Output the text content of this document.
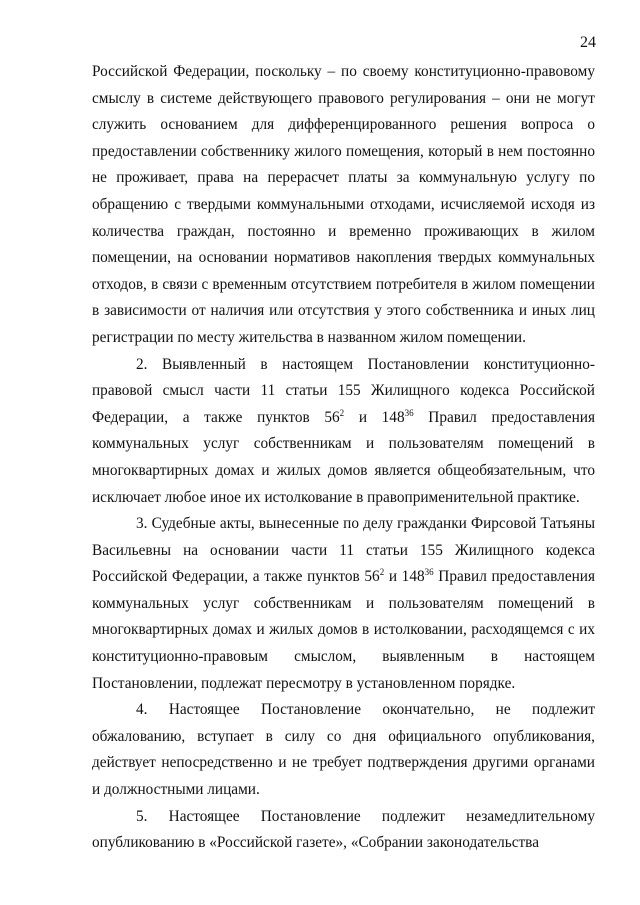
24

Российской Федерации, поскольку – по своему конституционно-правовому смыслу в системе действующего правового регулирования – они не могут служить основанием для дифференцированного решения вопроса о предоставлении собственнику жилого помещения, который в нем постоянно не проживает, права на перерасчет платы за коммунальную услугу по обращению с твердыми коммунальными отходами, исчисляемой исходя из количества граждан, постоянно и временно проживающих в жилом помещении, на основании нормативов накопления твердых коммунальных отходов, в связи с временным отсутствием потребителя в жилом помещении в зависимости от наличия или отсутствия у этого собственника и иных лиц регистрации по месту жительства в названном жилом помещении.

2. Выявленный в настоящем Постановлении конституционно-правовой смысл части 11 статьи 155 Жилищного кодекса Российской Федерации, а также пунктов $56^2$ и $148^{36}$ Правил предоставления коммунальных услуг собственникам и пользователям помещений в многоквартирных домах и жилых домов является общеобязательным, что исключает любое иное их истолкование в правоприменительной практике.

3. Судебные акты, вынесенные по делу гражданки Фирсовой Татьяны Васильевны на основании части 11 статьи 155 Жилищного кодекса Российской Федерации, а также пунктов $56^2$ и $148^{36}$ Правил предоставления коммунальных услуг собственникам и пользователям помещений в многоквартирных домах и жилых домов в истолковании, расходящемся с их конституционно-правовым смыслом, выявленным в настоящем Постановлении, подлежат пересмотру в установленном порядке.

4. Настоящее Постановление окончательно, не подлежит обжалованию, вступает в силу со дня официального опубликования, действует непосредственно и не требует подтверждения другими органами и должностными лицами.

5. Настоящее Постановление подлежит незамедлительному опубликованию в «Российской газете», «Собрании законодательства
